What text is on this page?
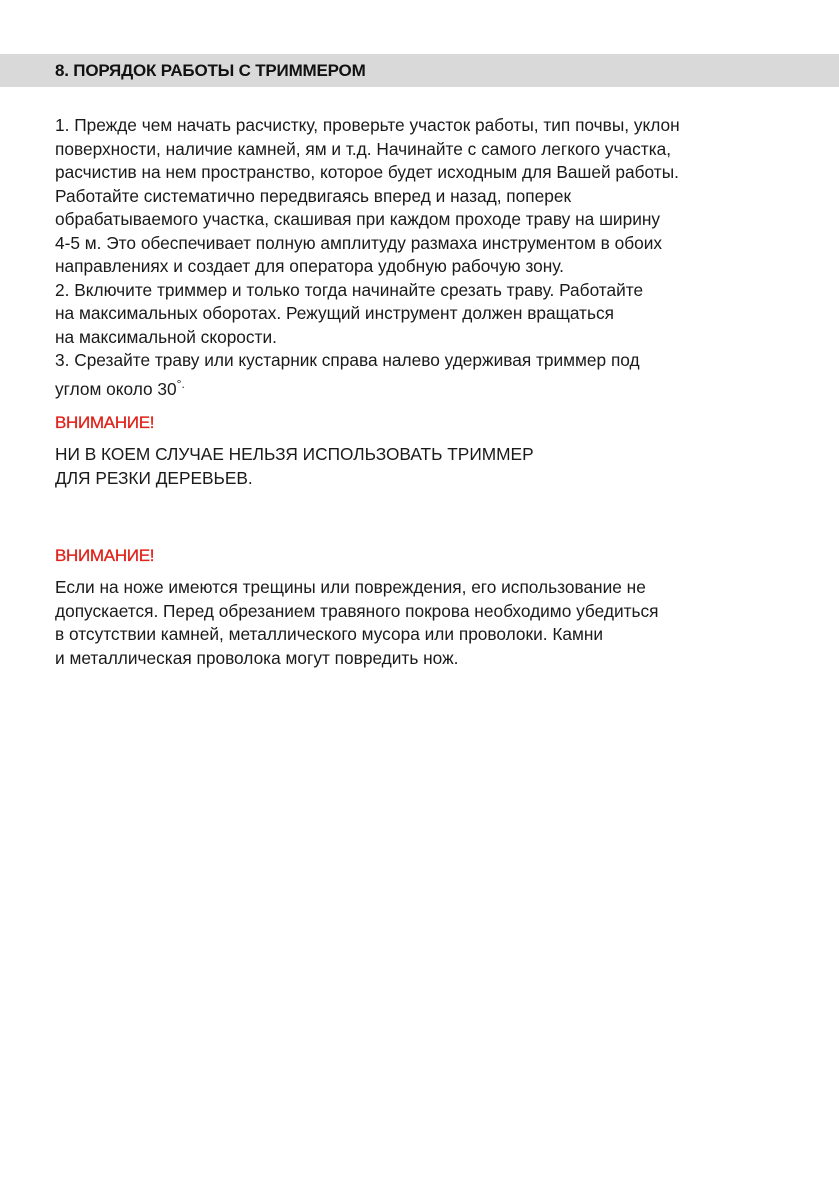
8. ПОРЯДОК РАБОТЫ С ТРИММЕРОМ
1. Прежде чем начать расчистку, проверьте участок работы, тип почвы, уклон
поверхности, наличие камней, ям и т.д. Начинайте с самого легкого участка,
расчистив на нем пространство, которое будет исходным для Вашей работы.
Работайте систематично передвигаясь вперед и назад, поперек
обрабатываемого участка, скашивая при каждом проходе траву на ширину
4-5 м. Это обеспечивает полную амплитуду размаха инструментом в обоих
направлениях и создает для оператора удобную рабочую зону.
2. Включите триммер и только тогда начинайте срезать траву. Работайте
на максимальных оборотах. Режущий инструмент должен вращаться
на максимальной скорости.
3. Срезайте траву или кустарник справа налево удерживая триммер под
углом около 30°.
ВНИМАНИЕ!
НИ В КОЕМ СЛУЧАЕ НЕЛЬЗЯ ИСПОЛЬЗОВАТЬ ТРИММЕР
ДЛЯ РЕЗКИ ДЕРЕВЬЕВ.
ВНИМАНИЕ!
Если на ноже имеются трещины или повреждения, его использование не
допускается. Перед обрезанием травяного покрова необходимо убедиться
в отсутствии камней, металлического мусора или проволоки. Камни
и металлическая проволока могут повредить нож.
